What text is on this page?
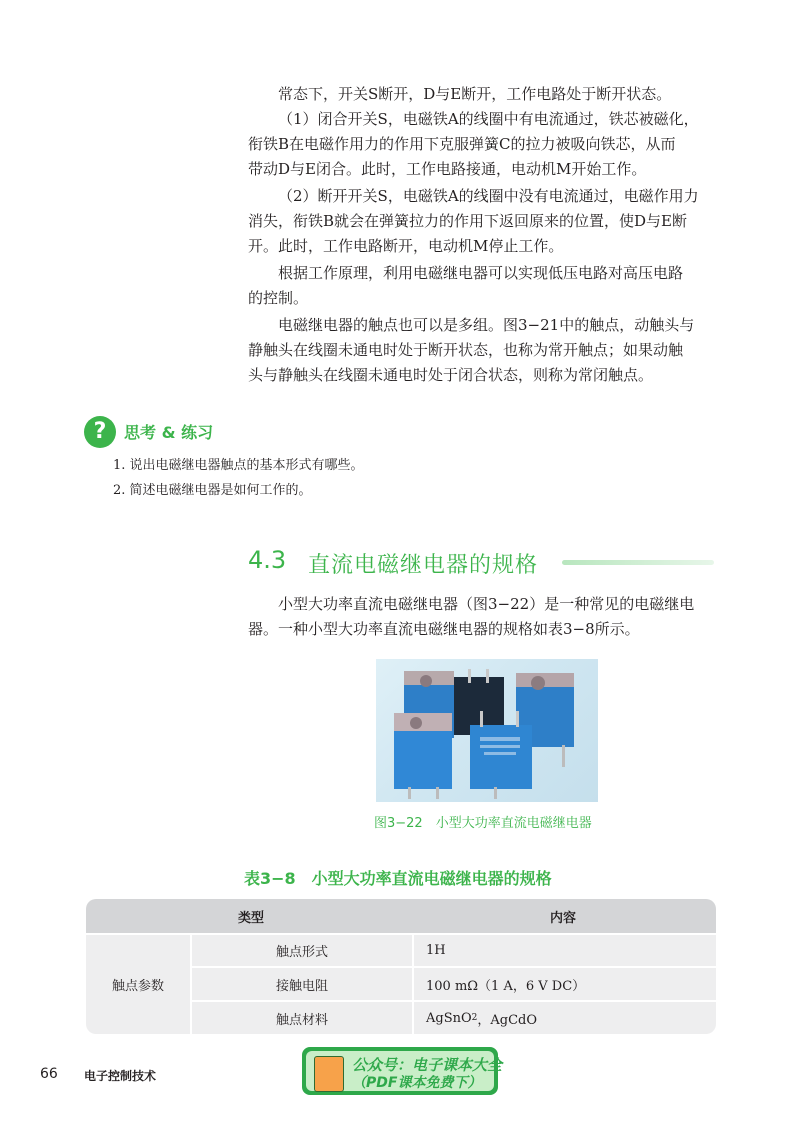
常态下，开关S断开，D与E断开，工作电路处于断开状态。

（1）闭合开关S，电磁铁A的线圈中有电流通过，铁芯被磁化，
衔铁B在电磁作用力的作用下克服弹簧C的拉力被吸向铁芯，从而
带动D与E闭合。此时，工作电路接通，电动机M开始工作。

（2）断开开关S，电磁铁A的线圈中没有电流通过，电磁作用力
消失，衔铁B就会在弹簧拉力的作用下返回原来的位置，使D与E断
开。此时，工作电路断开，电动机M停止工作。

根据工作原理，利用电磁继电器可以实现低压电路对高压电路
的控制。

电磁继电器的触点也可以是多组。图3−21中的触点，动触头与
静触头在线圈未通电时处于断开状态，也称为常开触点；如果动触
头与静触头在线圈未通电时处于闭合状态，则称为常闭触点。

?	思考 & 练习
1. 说出电磁继电器触点的基本形式有哪些。
2. 简述电磁继电器是如何工作的。
4.3 直流电磁继电器的规格

小型大功率直流电磁继电器（图3−22）是一种常见的电磁继电
器。一种小型大功率直流电磁继电器的规格如表3−8所示。

图3−22　小型大功率直流电磁继电器
表3−8　小型大功率直流电磁继电器的规格
类型	内容
触点参数
触点形式	1H
接触电阻	100 mΩ（1 A，6 V DC）
触点材料	AgSnO 2 ，AgCdO
66 电子控制技术
公众号：电子课本大全
（PDF课本免费下）
